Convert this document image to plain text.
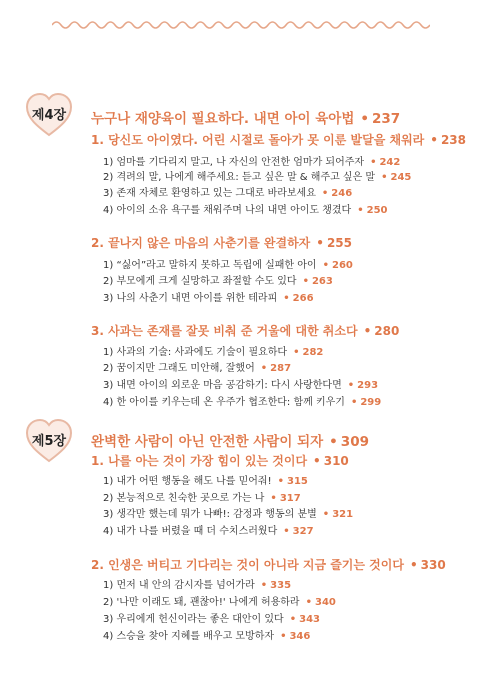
제4장	누구나 재양육이 필요하다. 내면 아이 육아법 • 237
1. 당신도 아이였다. 어린 시절로 돌아가 못 이룬 발달을 채워라 • 238
1) 엄마를 기다리지 말고, 나 자신의 안전한 엄마가 되어주자 • 242
2) 격려의 말, 나에게 해주세요: 듣고 싶은 말 & 해주고 싶은 말 • 245
3) 존재 자체로 환영하고 있는 그대로 바라보세요 • 246
4) 아이의 소유 욕구를 채워주며 나의 내면 아이도 챙겼다 • 250
2. 끝나지 않은 마음의 사춘기를 완결하자 • 255
1) “싫어”라고 말하지 못하고 독립에 실패한 아이 • 260
2) 부모에게 크게 실망하고 좌절할 수도 있다 • 263
3) 나의 사춘기 내면 아이를 위한 테라피 • 266
3. 사과는 존재를 잘못 비춰 준 거울에 대한 취소다 • 280
1) 사과의 기술: 사과에도 기술이 필요하다 • 282
2) 꿈이지만 그래도 미안해, 잘했어 • 287
3) 내면 아이의 외로운 마음 공감하기: 다시 사랑한다면 • 293
4) 한 아이를 키우는데 온 우주가 협조한다: 함께 키우기 • 299
제5장	완벽한 사람이 아닌 안전한 사람이 되자 • 309
1. 나를 아는 것이 가장 힘이 있는 것이다 • 310
1) 내가 어떤 행동을 해도 나를 믿어줘! • 315
2) 본능적으로 친숙한 곳으로 가는 나 • 317
3) 생각만 했는데 뭐가 나빠!: 감정과 행동의 분별 • 321
4) 내가 나를 버렸을 때 더 수치스러웠다 • 327
2. 인생은 버티고 기다리는 것이 아니라 지금 즐기는 것이다 • 330
1) 먼저 내 안의 감시자를 넘어가라 • 335
2) '나만 이래도 돼, 괜찮아!' 나에게 허용하라 • 340
3) 우리에게 헌신이라는 좋은 대안이 있다 • 343
4) 스승을 찾아 지혜를 배우고 모방하자 • 346
